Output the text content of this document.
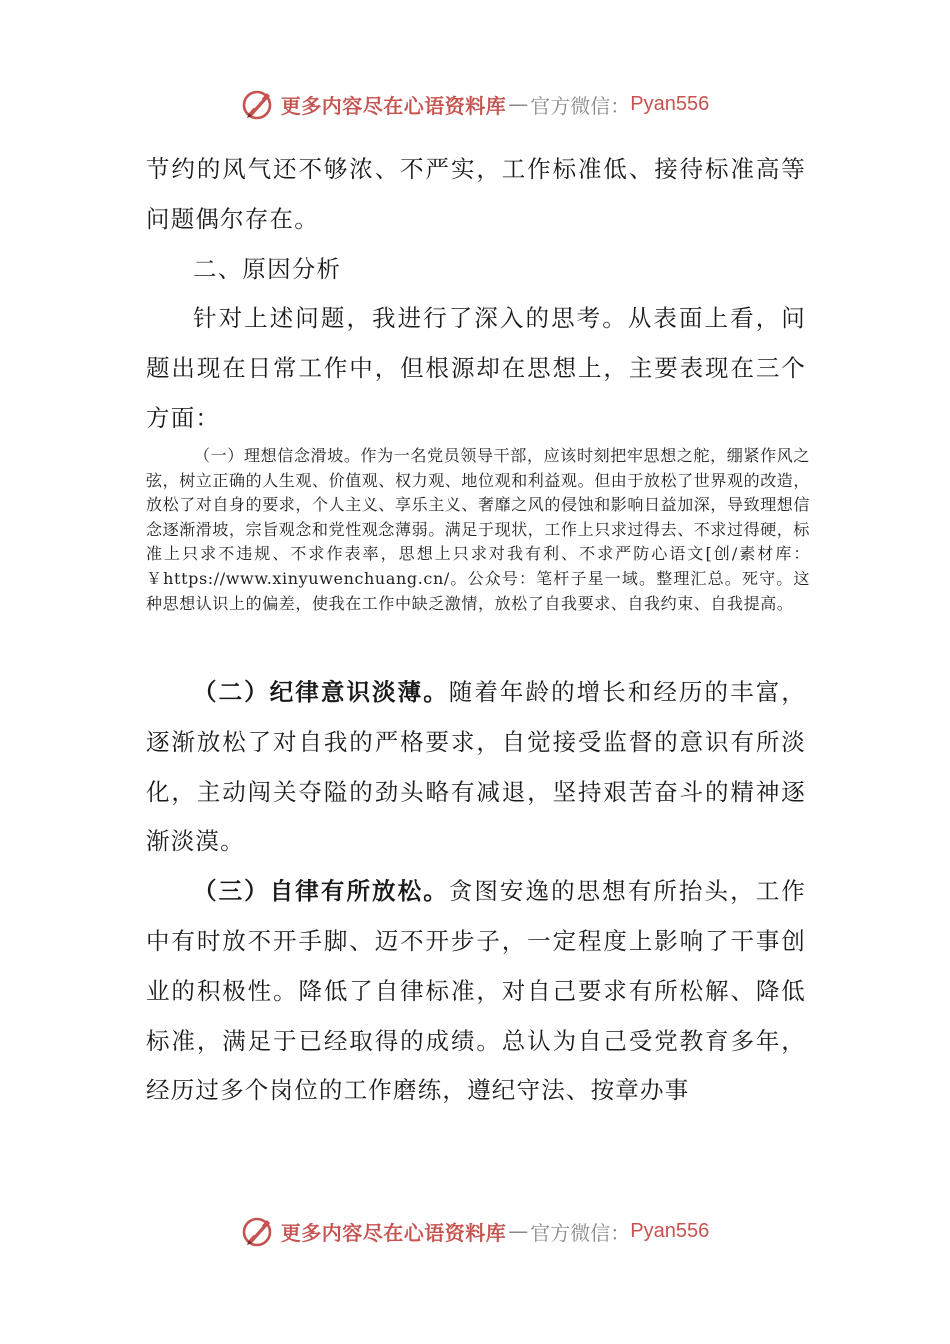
更多内容尽在心语资料库 — 官方微信： Pyan556

节约的风气还不够浓、不严实，工作标准低、接待标准高等问题偶尔存在。

二、原因分析

针对上述问题，我进行了深入的思考。从表面上看，问题出现在日常工作中，但根源却在思想上，主要表现在三个方面：

（一）理想信念滑坡。作为一名党员领导干部，应该时刻把牢思想之舵，绷紧作风之弦，树立正确的人生观、价值观、权力观、地位观和利益观。但由于放松了世界观的改造，放松了对自身的要求，个人主义、享乐主义、奢靡之风的侵蚀和影响日益加深，导致理想信念逐渐滑坡，宗旨观念和党性观念薄弱。满足于现状，工作上只求过得去、不求过得硬，标准上只求不违规、不求作表率，思想上只求对我有利、不求严防心语文[创/素材库：￥https://www.xinyuwenchuang.cn/。公众号：笔杆子星一域。整理汇总。死守。这种思想认识上的偏差，使我在工作中缺乏激情，放松了自我要求、自我约束、自我提高。

（二）纪律意识淡薄。随着年龄的增长和经历的丰富，逐渐放松了对自我的严格要求，自觉接受监督的意识有所淡化，主动闯关夺隘的劲头略有减退，坚持艰苦奋斗的精神逐渐淡漠。

（三）自律有所放松。贪图安逸的思想有所抬头，工作中有时放不开手脚、迈不开步子，一定程度上影响了干事创业的积极性。降低了自律标准，对自己要求有所松解、降低标准，满足于已经取得的成绩。总认为自己受党教育多年，经历过多个岗位的工作磨练，遵纪守法、按章办事

更多内容尽在心语资料库 — 官方微信： Pyan556
